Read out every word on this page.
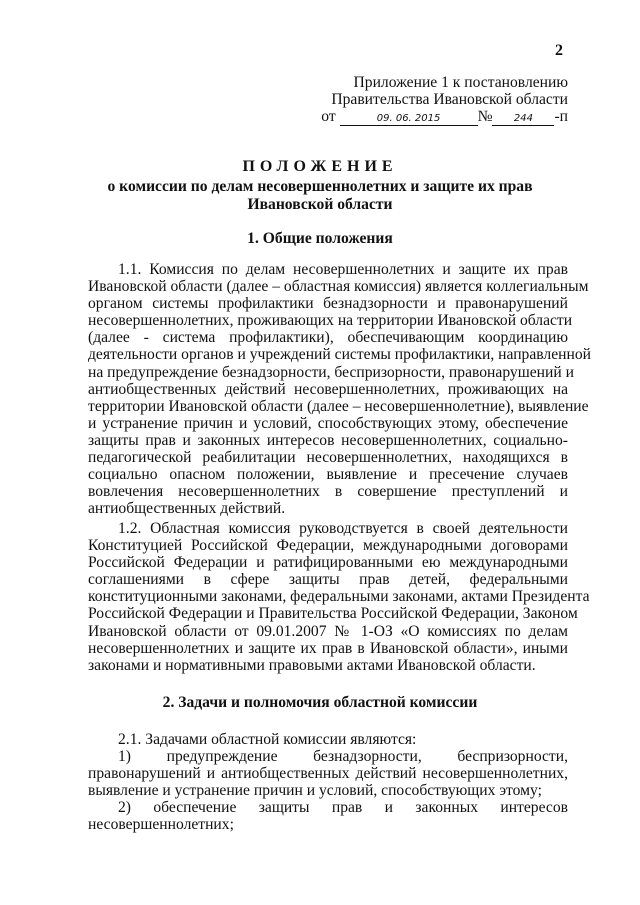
2
Приложение 1 к постановлению
Правительства Ивановской области
от	09. 06. 2015 № 244 -п
ПОЛОЖЕНИЕ
о комиссии по делам несовершеннолетних и защите их прав
Ивановской области
1. Общие положения
1.1. Комиссия по делам несовершеннолетних и защите их прав
Ивановской области (далее – областная комиссия) является коллегиальным
органом системы профилактики безнадзорности и правонарушений
несовершеннолетних, проживающих на территории Ивановской области
(далее - система профилактики), обеспечивающим координацию
деятельности органов и учреждений системы профилактики, направленной
на предупреждение безнадзорности, беспризорности, правонарушений и
антиобщественных действий несовершеннолетних, проживающих на
территории Ивановской области (далее – несовершеннолетние), выявление
и устранение причин и условий, способствующих этому, обеспечение
защиты прав и законных интересов несовершеннолетних, социально-
педагогической реабилитации несовершеннолетних, находящихся в
социально опасном положении, выявление и пресечение случаев
вовлечения несовершеннолетних в совершение преступлений и
антиобщественных действий.
1.2. Областная комиссия руководствуется в своей деятельности
Конституцией Российской Федерации, международными договорами
Российской Федерации и ратифицированными ею международными
соглашениями в сфере защиты прав детей, федеральными
конституционными законами, федеральными законами, актами Президента
Российской Федерации и Правительства Российской Федерации, Законом
Ивановской области от 09.01.2007 № 1-ОЗ «О комиссиях по делам
несовершеннолетних и защите их прав в Ивановской области», иными
законами и нормативными правовыми актами Ивановской области.
2. Задачи и полномочия областной комиссии
2.1. Задачами областной комиссии являются:
1) предупреждение безнадзорности, беспризорности,
правонарушений и антиобщественных действий несовершеннолетних,
выявление и устранение причин и условий, способствующих этому;
2) обеспечение защиты прав и законных интересов
несовершеннолетних;
